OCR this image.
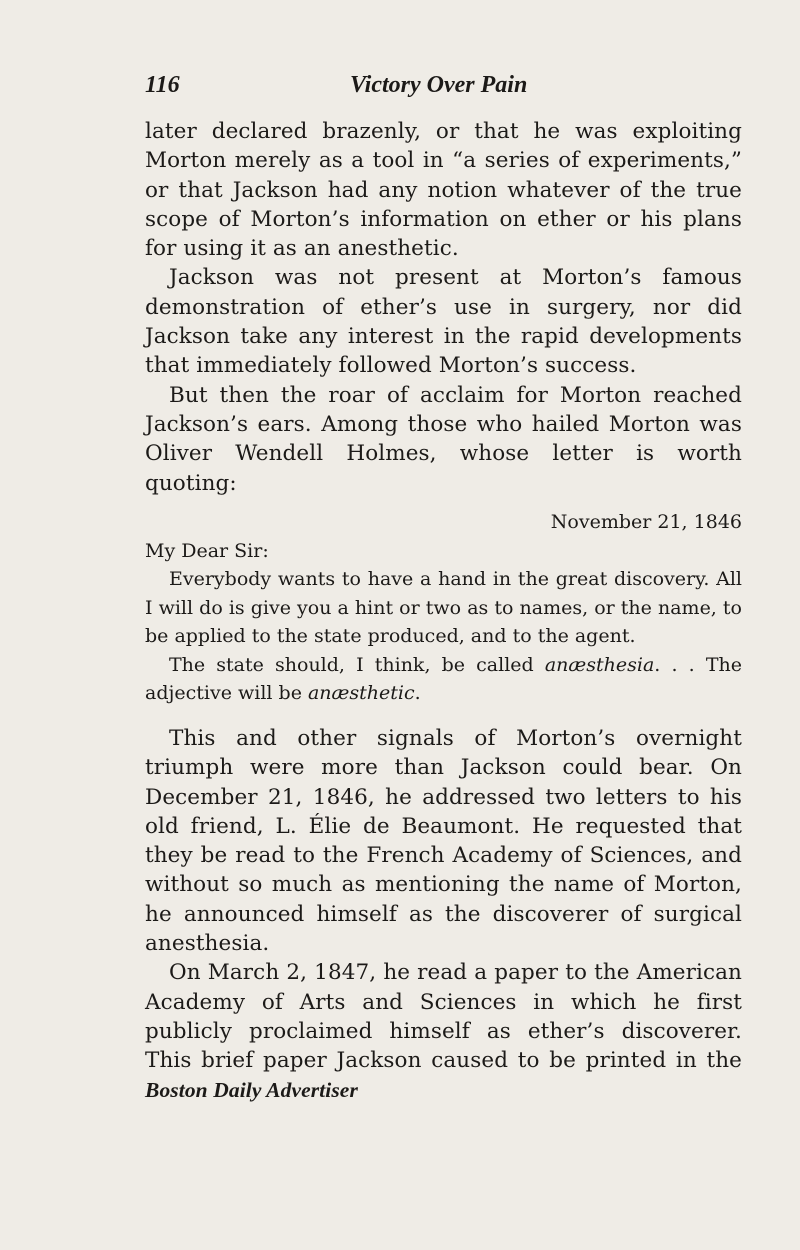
116	Victory Over Pain

later declared brazenly, or that he was exploiting Morton merely as a tool in “a series of experiments,” or that Jackson had any notion whatever of the true scope of Morton’s information on ether or his plans for using it as an anesthetic.

Jackson was not present at Morton’s famous demonstration of ether’s use in surgery, nor did Jackson take any interest in the rapid developments that immediately followed Morton’s success.

But then the roar of acclaim for Morton reached Jackson’s ears. Among those who hailed Morton was Oliver Wendell Holmes, whose letter is worth quoting:

November 21, 1846

My Dear Sir:

Everybody wants to have a hand in the great discovery. All I will do is give you a hint or two as to names, or the name, to be applied to the state produced, and to the agent.

The state should, I think, be called anæsthesia. . . The adjective will be anæsthetic.

This and other signals of Morton’s overnight triumph were more than Jackson could bear. On December 21, 1846, he addressed two letters to his old friend, L. Élie de Beaumont. He requested that they be read to the French Academy of Sciences, and without so much as mentioning the name of Morton, he announced himself as the discoverer of surgical anesthesia.

On March 2, 1847, he read a paper to the American Academy of Arts and Sciences in which he first publicly proclaimed himself as ether’s discoverer. This brief paper Jackson caused to be printed in the Boston Daily Advertiser
